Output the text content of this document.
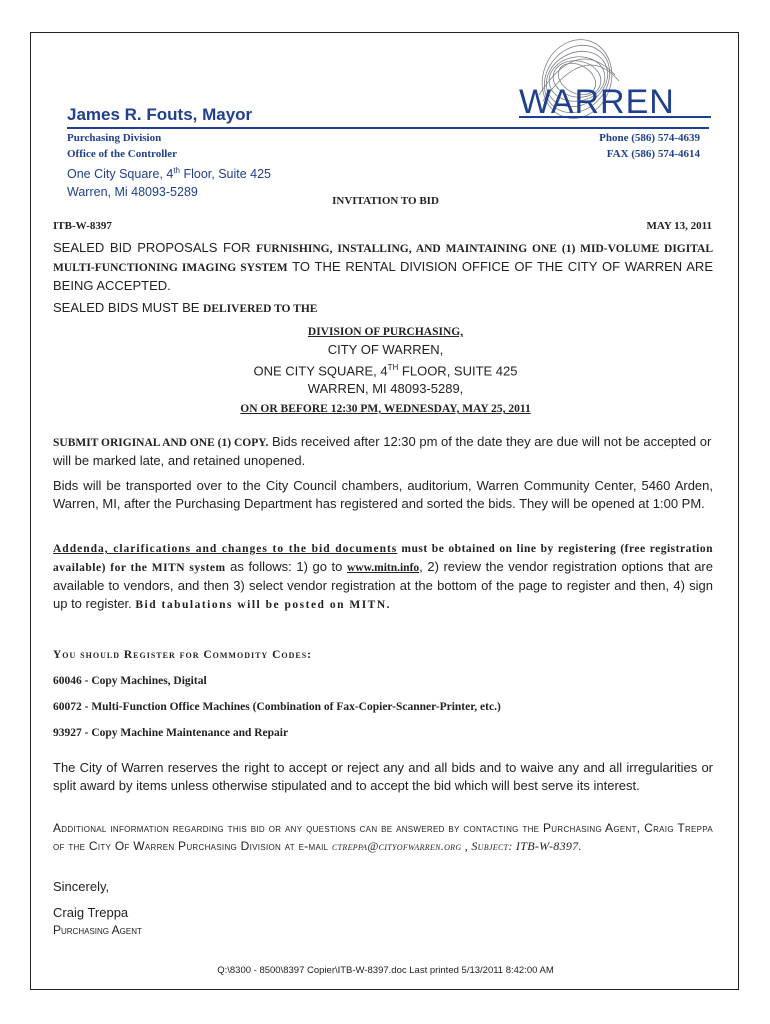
WARREN
James R. Fouts, Mayor
Purchasing Division
Office of the Controller
One City Square, 4th Floor, Suite 425
Warren, Mi 48093-5289
Phone (586) 574-4639
FAX (586) 574-4614
INVITATION TO BID
ITB-W-8397	MAY 13, 2011
SEALED BID PROPOSALS FOR FURNISHING, INSTALLING, AND MAINTAINING ONE (1) MID-VOLUME DIGITAL MULTI-FUNCTIONING IMAGING SYSTEM TO THE RENTAL DIVISION OFFICE OF THE CITY OF WARREN ARE BEING ACCEPTED.
SEALED BIDS MUST BE DELIVERED TO THE
DIVISION OF PURCHASING,
CITY OF WARREN,
ONE CITY SQUARE, 4TH FLOOR, SUITE 425
WARREN, MI 48093-5289,
ON OR BEFORE 12:30 PM, WEDNESDAY, MAY 25, 2011
SUBMIT ORIGINAL AND ONE (1) COPY. Bids received after 12:30 pm of the date they are due will not be accepted or will be marked late, and retained unopened.
Bids will be transported over to the City Council chambers, auditorium, Warren Community Center, 5460 Arden, Warren, MI, after the Purchasing Department has registered and sorted the bids. They will be opened at 1:00 PM.
Addenda, clarifications and changes to the bid documents must be obtained on line by registering (free registration available) for the MITN system as follows: 1) go to www.mitn.info, 2) review the vendor registration options that are available to vendors, and then 3) select vendor registration at the bottom of the page to register and then, 4) sign up to register. Bid tabulations will be posted on MITN.
You should Register for Commodity Codes:
60046 - Copy Machines, Digital
60072 - Multi-Function Office Machines (Combination of Fax-Copier-Scanner-Printer, etc.)
93927 - Copy Machine Maintenance and Repair
The City of Warren reserves the right to accept or reject any and all bids and to waive any and all irregularities or split award by items unless otherwise stipulated and to accept the bid which will best serve its interest.
Additional information regarding this bid or any questions can be answered by contacting the Purchasing Agent, Craig Treppa of the City Of Warren Purchasing Division at e-mail ctreppa@cityofwarren.org , Subject: ITB-W-8397.
Sincerely,
Craig Treppa
Purchasing Agent
Q:\8300 - 8500\8397 Copier\ITB-W-8397.doc Last printed 5/13/2011 8:42:00 AM
